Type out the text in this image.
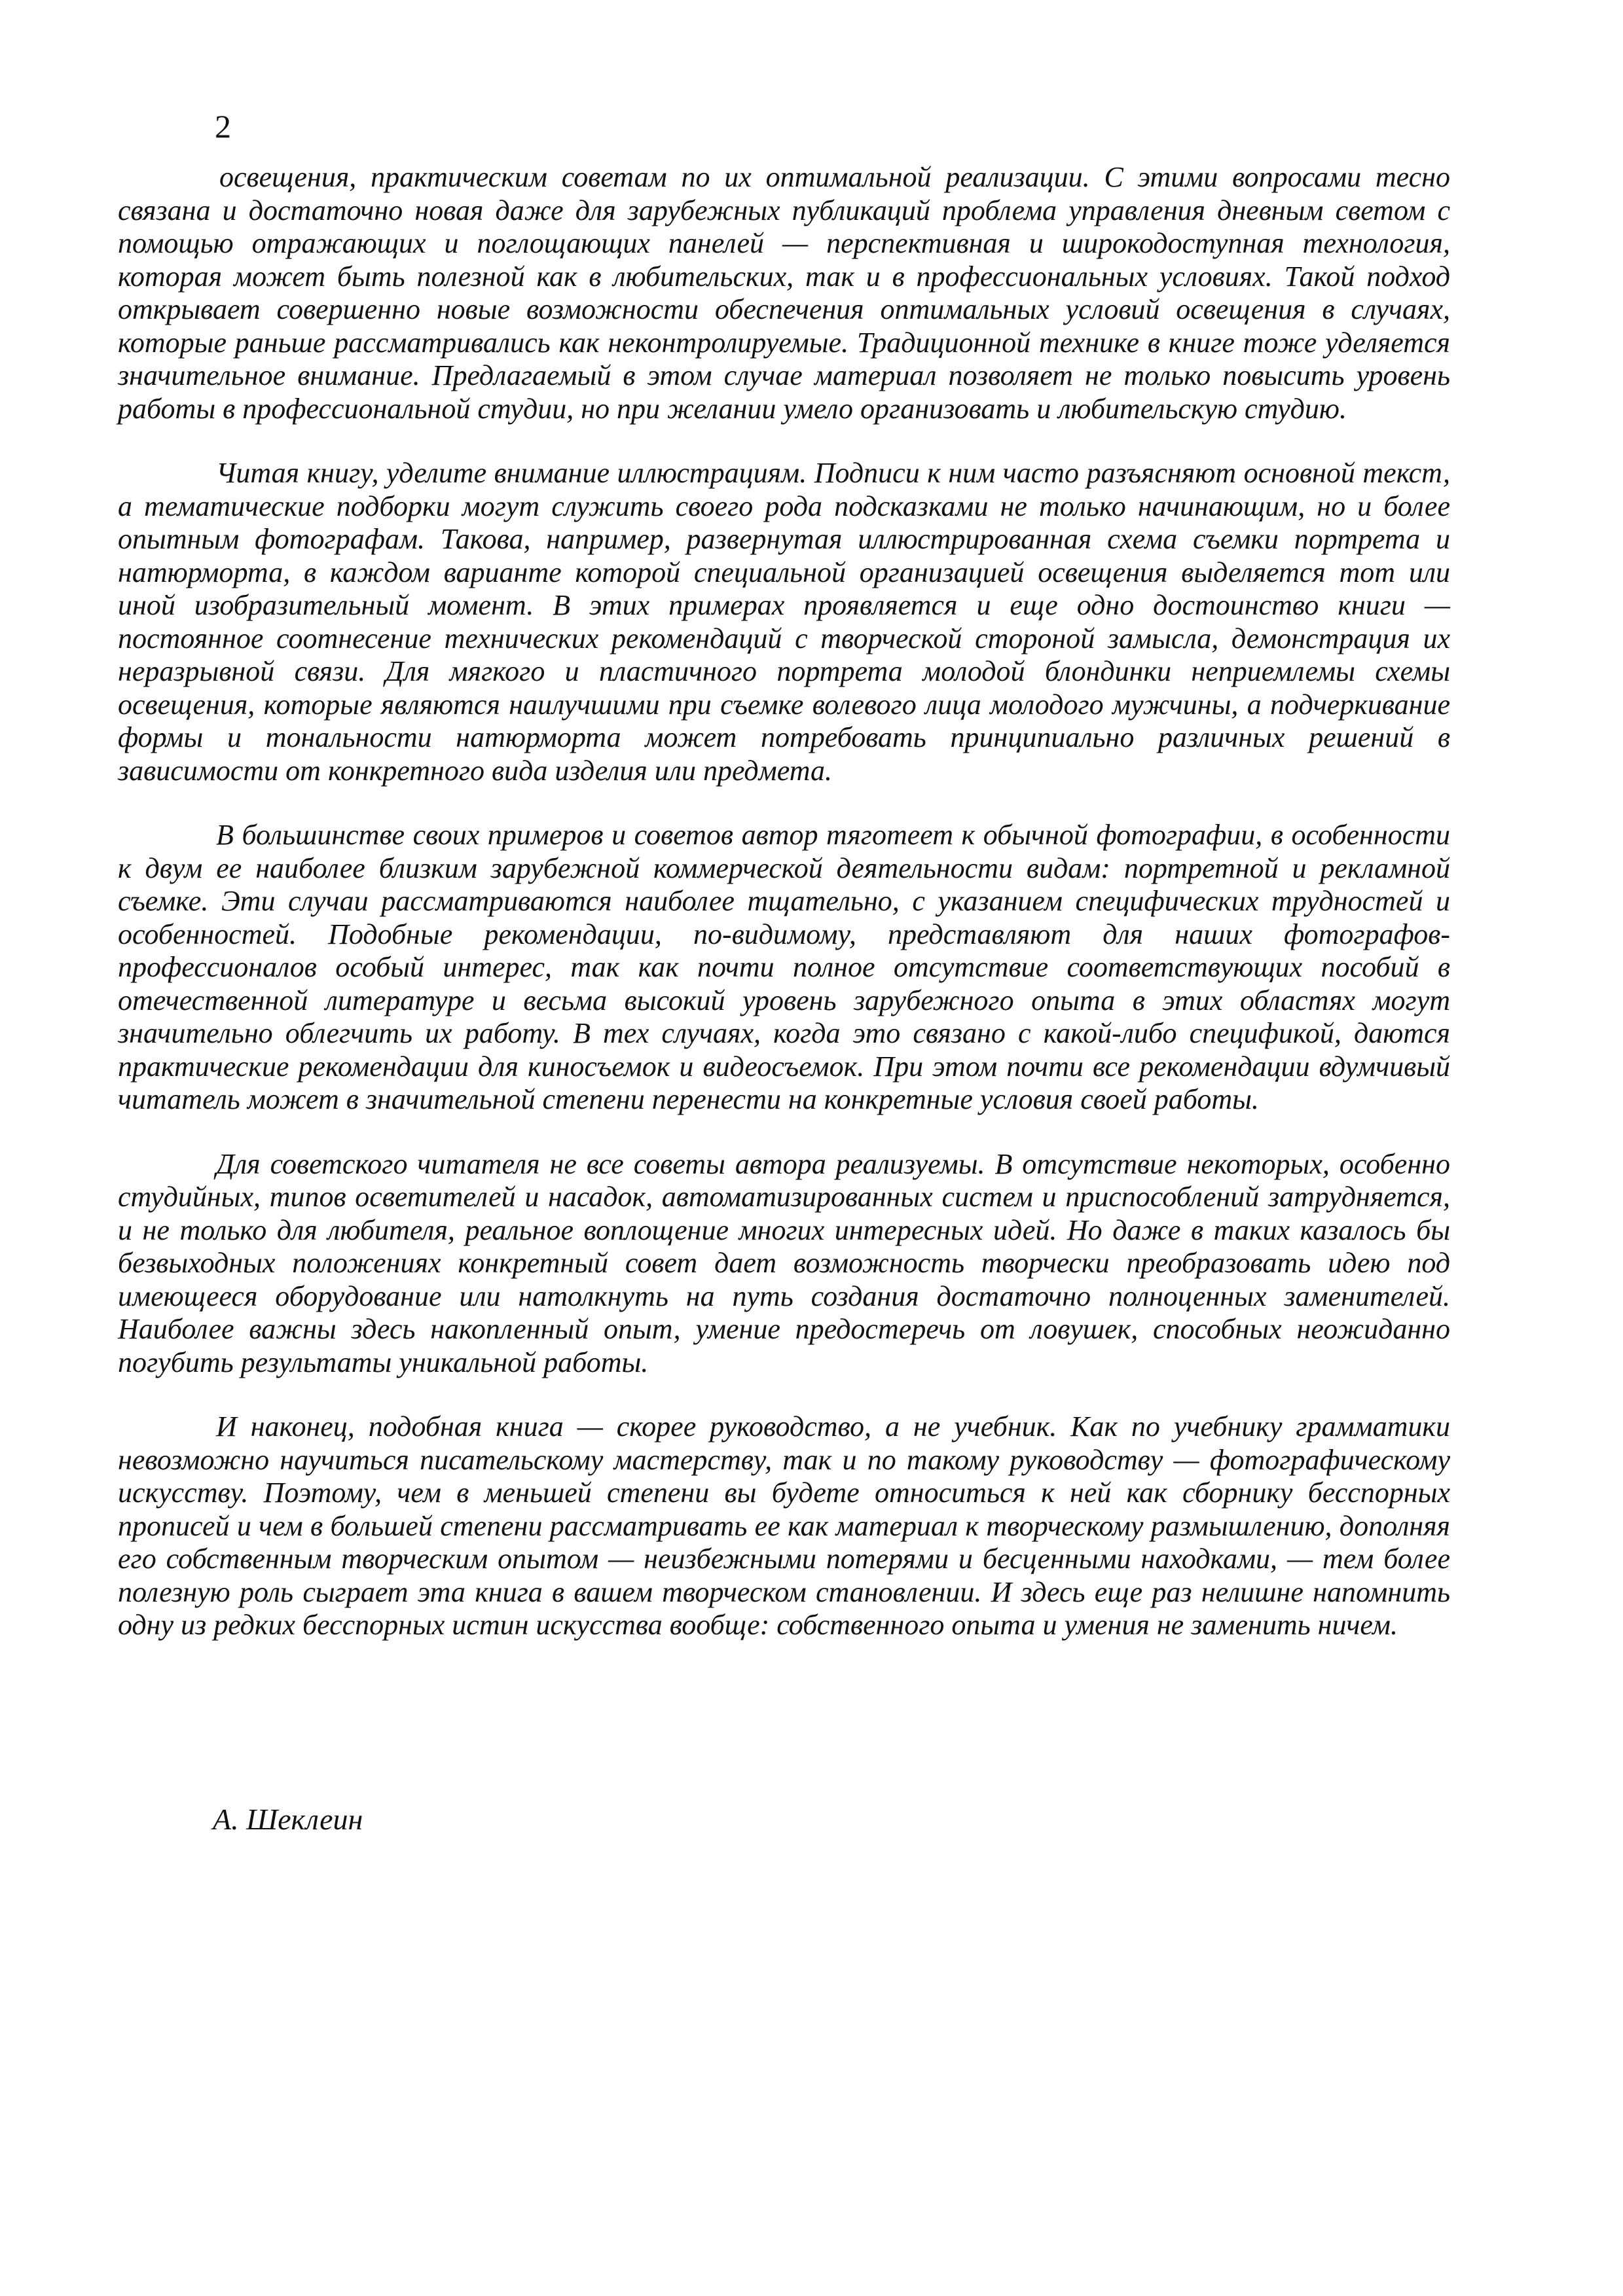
2

освещения, практическим советам по их оптимальной реализации. С этими вопросами тесно связана и достаточно новая даже для зарубежных публикаций проблема управления дневным светом с помощью отражающих и поглощающих панелей — перспективная и широкодоступная технология, которая может быть полезной как в любительских, так и в профессиональных условиях. Такой подход открывает совершенно новые возможности обеспечения оптимальных условий освещения в случаях, которые раньше рассматривались как неконтролируемые. Традиционной технике в книге тоже уделяется значительное внимание. Предлагаемый в этом случае материал позволяет не только повысить уровень работы в профессиональной студии, но при желании умело организовать и любительскую студию.

Читая книгу, уделите внимание иллюстрациям. Подписи к ним часто разъясняют основной текст, а тематические подборки могут служить своего рода подсказками не только начинающим, но и более опытным фотографам. Такова, например, развернутая иллюстрированная схема съемки портрета и натюрморта, в каждом варианте которой специальной организацией освещения выделяется тот или иной изобразительный момент. В этих примерах проявляется и еще одно достоинство книги — постоянное соотнесение технических рекомендаций с творческой стороной замысла, демонстрация их неразрывной связи. Для мягкого и пластичного портрета молодой блондинки неприемлемы схемы освещения, которые являются наилучшими при съемке волевого лица молодого мужчины, а подчеркивание формы и тональности натюрморта может потребовать принципиально различных решений в зависимости от конкретного вида изделия или предмета.

В большинстве своих примеров и советов автор тяготеет к обычной фотографии, в особенности к двум ее наиболее близким зарубежной коммерческой деятельности видам: портретной и рекламной съемке. Эти случаи рассматриваются наиболее тщательно, с указанием специфических трудностей и особенностей. Подобные рекомендации, по-видимому, представляют для наших фотографов-профессионалов особый интерес, так как почти полное отсутствие соответствующих пособий в отечественной литературе и весьма высокий уровень зарубежного опыта в этих областях могут значительно облегчить их работу. В тех случаях, когда это связано с какой-либо спецификой, даются практические рекомендации для киносъемок и видеосъемок. При этом почти все рекомендации вдумчивый читатель может в значительной степени перенести на конкретные условия своей работы.

Для советского читателя не все советы автора реализуемы. В отсутствие некоторых, особенно студийных, типов осветителей и насадок, автоматизированных систем и приспособлений затрудняется, и не только для любителя, реальное воплощение многих интересных идей. Но даже в таких казалось бы безвыходных положениях конкретный совет дает возможность творчески преобразовать идею под имеющееся оборудование или натолкнуть на путь создания достаточно полноценных заменителей. Наиболее важны здесь накопленный опыт, умение предостеречь от ловушек, способных неожиданно погубить результаты уникальной работы.

И наконец, подобная книга — скорее руководство, а не учебник. Как по учебнику грамматики невозможно научиться писательскому мастерству, так и по такому руководству — фотографическому искусству. Поэтому, чем в меньшей степени вы будете относиться к ней как сборнику бесспорных прописей и чем в большей степени рассматривать ее как материал к творческому размышлению, дополняя его собственным творческим опытом — неизбежными потерями и бесценными находками, — тем более полезную роль сыграет эта книга в вашем творческом становлении. И здесь еще раз нелишне напомнить одну из редких бесспорных истин искусства вообще: собственного опыта и умения не заменить ничем.

А. Шеклеин
